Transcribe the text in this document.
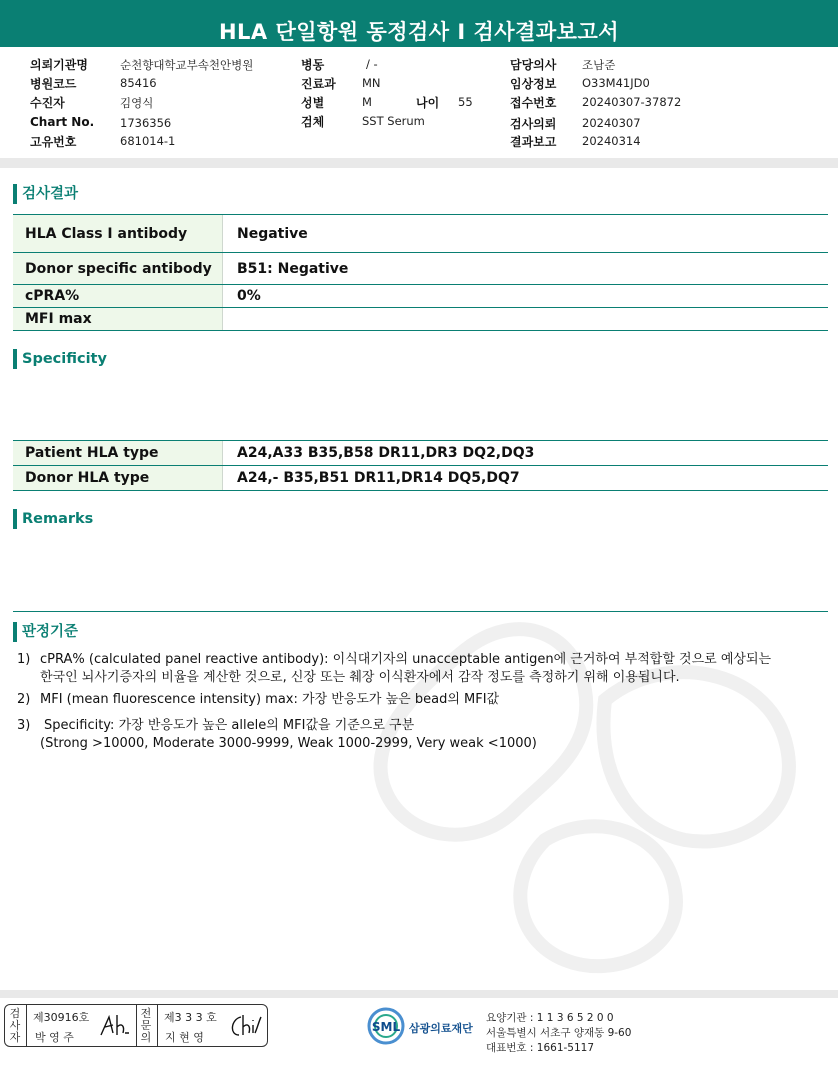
HLA 단일항원 동정검사 I 검사결과보고서
의뢰기관명	순천향대학교부속천안병원
병원코드	85416
수진자	김영식
Chart No. 1736356
고유번호	681014-1
병동	/ -
진료과 MN
성별	M	나이 55
검체	SST Serum
담당의사 조남준
임상정보 O33M41JD0
접수번호 20240307-37872
검사의뢰 20240307
결과보고 20240314
검사결과
HLA Class I antibody	Negative
Donor specific antibody	B51: Negative
cPRA%	0%
MFI max
Specificity
Patient HLA type	A24,A33 B35,B58 DR11,DR3 DQ2,DQ3
Donor HLA type	A24,- B35,B51 DR11,DR14 DQ5,DQ7
Remarks
판정기준
1) cPRA% (calculated panel reactive antibody): 이식대기자의 unacceptable antigen에 근거하여 부적합할 것으로 예상되는
한국인 뇌사기증자의 비율을 계산한 것으로, 신장 또는 췌장 이식환자에서 감작 정도를 측정하기 위해 이용됩니다.
2) MFI (mean fluorescence intensity) max: 가장 반응도가 높은 bead의 MFI값
3) Specificity: 가장 반응도가 높은 allele의 MFI값을 기준으로 구분
(Strong >10000, Moderate 3000-9999, Weak 1000-2999, Very weak <1000)
검
사
자
제30916호
박 영 주
전
문
의
제3 3 3 호
지 현 영
SML 삼광의료재단
요양기관 : 1 1 3 6 5 2 0 0
서울특별시 서초구 양재동 9-60
대표번호 : 1661-5117
